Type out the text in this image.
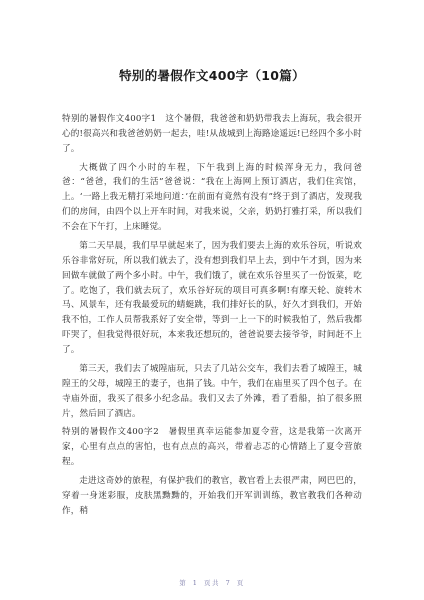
特别的暑假作文400字（10篇）

特别的暑假作文400字1　这个暑假，我爸爸和奶奶带我去上海玩，我会很开心的!很高兴和我爸爸奶奶一起去，哇!从战城到上海路途遥远!已经四个多小时了。

大概做了四个小时的车程，下午我到上海的时候浑身无力，我问爸爸：“爸爸，我们的生活”爸爸说：“我在上海网上预订酒店，我们住宾馆，上。‘一路上我无精打采地问道：’在前面有竟然有没有”终于到了酒店，发现我们的房间，由四个以上开车时间，对我来说，父亲，奶奶打雅打采，所以我们不会在下午打，上床睡觉。

第二天早晨，我们早早就起来了，因为我们要去上海的欢乐谷玩，听说欢乐谷非常好玩，所以我们就去了，没有想到我们早上去，到中午才到，因为来回做车就做了两个多小时。中午，我们饿了，就在欢乐谷里买了一份饭菜，吃了。吃饱了，我们就去玩了，欢乐谷好玩的项目可真多啊!有摩天轮、旋转木马、风景车，还有我最爱玩的蜻蜓跳，我们排好长的队，好久才到我们，开始我不怕，工作人员帮我系好了安全带，等到一上一下的时候我怕了，然后我都吓哭了，但我觉得很好玩，本来我还想玩的，爸爸说要去接爷爷，时间赶不上了。

第三天，我们去了城隍庙玩，只去了几站公交车，我们去看了城隍王，城隍王的父母，城隍王的妻子，也捐了钱。中午，我们在庙里买了四个包子。在寺庙外面，我买了很多小纪念品。我们又去了外滩，看了看船，拍了很多照片，然后回了酒店。

特别的暑假作文400字2　暑假里真幸运能参加夏令营，这是我第一次离开家，心里有点点的害怕，也有点点的高兴，带着忐忑的心情踏上了夏令营旅程。

走进这奇妙的旅程，有保护我们的教官，教官看上去很严肃，网巴巴的，穿着一身迷彩服，皮肤黑黝黝的，开始我们开军训训练，教官教我们各种动作，稍

第 1 页共 7 页
